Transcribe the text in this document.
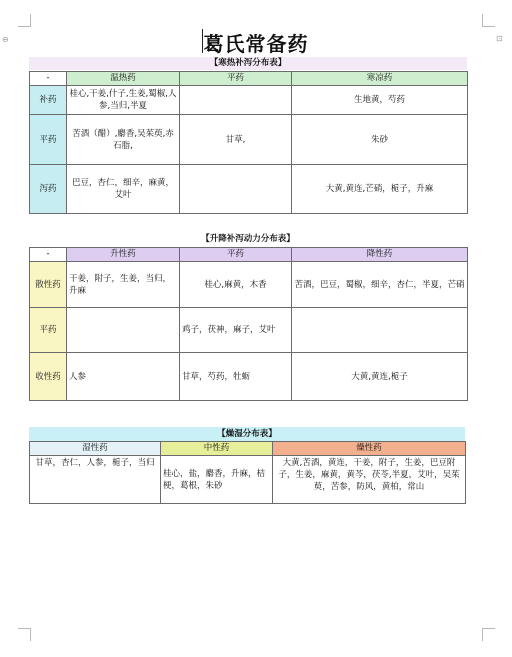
⊖	⊡
葛氏常备药
【寒热补泻分布表】
-	温热药	平药	寒凉药
补药	桂心,干姜,什子,生姜,蜀椒,人参,当归,半夏		生地黄，芍药
平药	苦酒（醋）,麝香,吴茱萸,赤石脂,	甘草,	朱砂
泻药	巴豆，杏仁，细辛，麻黄，艾叶		大黄,黄连,芒硝，栀子，升麻
【升降补泻动力分布表】
-	升性药	平药	降性药
散性药	干姜，附子，生姜，当归，升麻	桂心,麻黄，木香	苦酒，巴豆，蜀椒，细辛，杏仁，半夏，芒硝
平药		鸡子，茯神，麻子，艾叶	
收性药	人参	甘草，芍药，牡蛎	大黄,黄连,栀子
【燥湿分布表】
湿性药	中性药	燥性药
甘草，杏仁，人参，栀子，当归	桂心，盐，麝香，升麻，桔梗，葛根，朱砂	大黄,苦酒，黄连，干姜，附子，生姜，巴豆附子，生姜，麻黄，黄芩，茯苓,半夏，艾叶，吴茱萸，苦参，防风，黄柏，常山
